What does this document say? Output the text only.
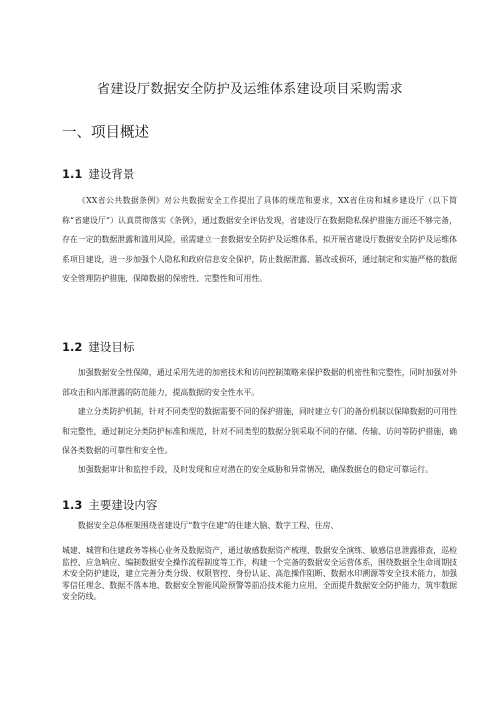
省建设厅数据安全防护及运维体系建设项目采购需求
一、项目概述
1.1 建设背景
《XX省公共数据条例》对公共数据安全工作提出了具体的规范和要求，XX省住房和城乡建设厅（以下简称“省建设厅”）认真贯彻落实《条例》，通过数据安全评估发现，省建设厅在数据隐私保护措施方面还不够完备，存在一定的数据泄露和滥用风险，亟需建立一套数据安全防护及运维体系，拟开展省建设厅数据安全防护及运维体系项目建设，进一步加强个人隐私和政府信息安全保护，防止数据泄露、篡改或损坏，通过制定和实施严格的数据安全管理防护措施，保障数据的保密性、完整性和可用性。
1.2 建设目标
加强数据安全性保障，通过采用先进的加密技术和访问控制策略来保护数据的机密性和完整性，同时加强对外部攻击和内部泄露的防范能力，提高数据的安全性水平。
建立分类防护机制，针对不同类型的数据需要不同的保护措施，同时建立专门的备份机制以保障数据的可用性和完整性，通过制定分类防护标准和规范，针对不同类型的数据分别采取不同的存储、传输、访问等防护措施，确保各类数据的可靠性和安全性。
加强数据审计和监控手段，及时发现和应对潜在的安全威胁和异常情况，确保数据仓的稳定可靠运行。
1.3 主要建设内容
数据安全总体框架围绕省建设厅“数字住建”的住建大脑、数字工程、住房、
城建、城管和住建政务等核心业务及数据资产，通过敏感数据资产梳理、数据安全演练、敏感信息泄露排查，巡检监控、应急响应、编制数据安全操作流程制度等工作，构建一个完备的数据安全运营体系，围绕数据全生命周期技术安全防护建设，建立完善分类分级、权限管控、身份认证、高危操作阻断、数据水印溯源等安全技术能力，加强零信任理念、数据不落本地、数据安全智能风险预警等前沿技术能力应用，全面提升数据安全防护能力，筑牢数据安全防线。
